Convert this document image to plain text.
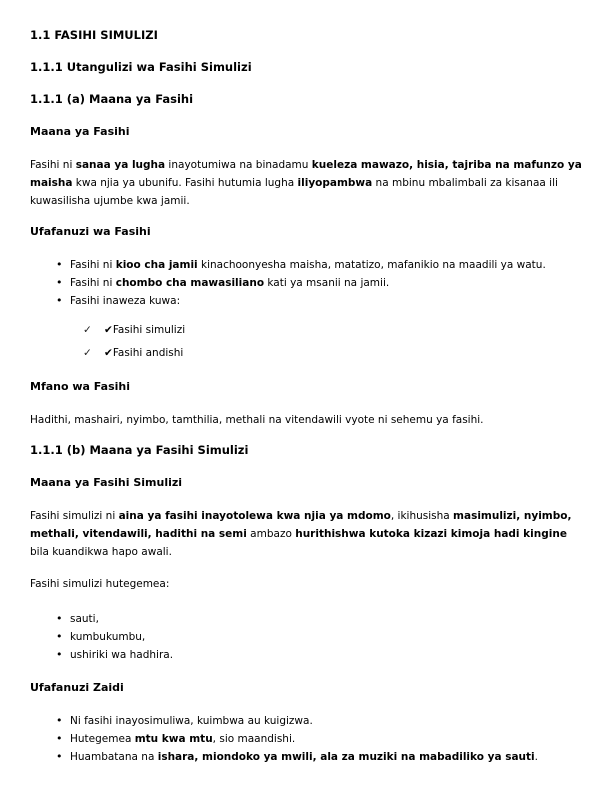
1.1 FASIHI SIMULIZI
1.1.1 Utangulizi wa Fasihi Simulizi
1.1.1 (a) Maana ya Fasihi
Maana ya Fasihi

Fasihi ni sanaa ya lugha inayotumiwa na binadamu kueleza mawazo, hisia, tajriba na mafunzo ya maisha kwa njia ya ubunifu. Fasihi hutumia lugha iliyopambwa na mbinu mbalimbali za kisanaa ili kuwasilisha ujumbe kwa jamii.

Ufafanuzi wa Fasihi
• Fasihi ni kioo cha jamii kinachoonyesha maisha, matatizo, mafanikio na maadili ya watu.
• Fasihi ni chombo cha mawasiliano kati ya msanii na jamii.
• Fasihi inaweza kuwa:
✓ ✔Fasihi simulizi
✓ ✔Fasihi andishi
Mfano wa Fasihi

Hadithi, mashairi, nyimbo, tamthilia, methali na vitendawili vyote ni sehemu ya fasihi.

1.1.1 (b) Maana ya Fasihi Simulizi
Maana ya Fasihi Simulizi

Fasihi simulizi ni aina ya fasihi inayotolewa kwa njia ya mdomo, ikihusisha masimulizi, nyimbo, methali, vitendawili, hadithi na semi ambazo hurithishwa kutoka kizazi kimoja hadi kingine bila kuandikwa hapo awali.

Fasihi simulizi hutegemea:

• sauti,
• kumbukumbu,
• ushiriki wa hadhira.
Ufafanuzi Zaidi
• Ni fasihi inayosimuliwa, kuimbwa au kuigizwa.
• Hutegemea mtu kwa mtu, sio maandishi.
• Huambatana na ishara, miondoko ya mwili, ala za muziki na mabadiliko ya sauti.
